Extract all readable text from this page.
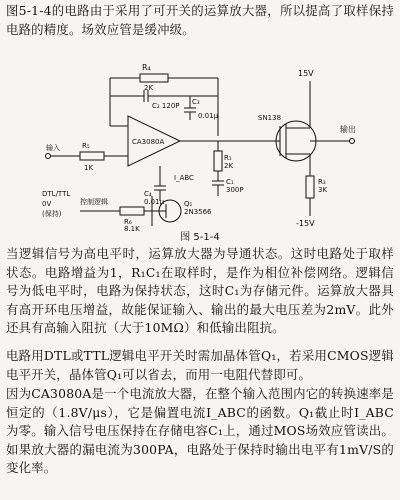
图5-1-4的电路由于采用了可开关的运算放大器，所以提高了取样保持电路的精度。场效应管是缓冲级。

R₄
2K
C₂ 120P
CA3080A
C₃
0.01μ
15V
SN138
输出
R₁
2K
C₁
300P
R₃
3K
-15V
输入	R₅
1K
C₄
0.01μ	Q₁
2N3566
DTL/TTL
0V
(保持)
控制逻辑
R₆
8.1K
I_ABC
图 5-1-4

当逻辑信号为高电平时，运算放大器为导通状态。这时电路处于取样状态。电路增益为1，R₁C₁在取样时，是作为相位补偿网络。逻辑信号为低电平时，电路为保持状态，这时C₁为存储元件。运算放大器具有高开环电压增益，故能保证输入、输出的最大电压差为2mV。此外还具有高输入阻抗（大于10MΩ）和低输出阻抗。

电路用DTL或TTL逻辑电平开关时需加晶体管Q₁，若采用CMOS逻辑电平开关，晶体管Q₁可以省去，而用一电阻代替即可。

因为CA3080A是一个电流放大器，在整个输入范围内它的转换速率是恒定的（1.8V/μs），它是偏置电流I_ABC的函数。Q₁截止时I_ABC为零。输入信号电压保持在存储电容C₁上，通过MOS场效应管读出。如果放大器的漏电流为300PA，电路处于保持时输出电平有1mV/S的变化率。
